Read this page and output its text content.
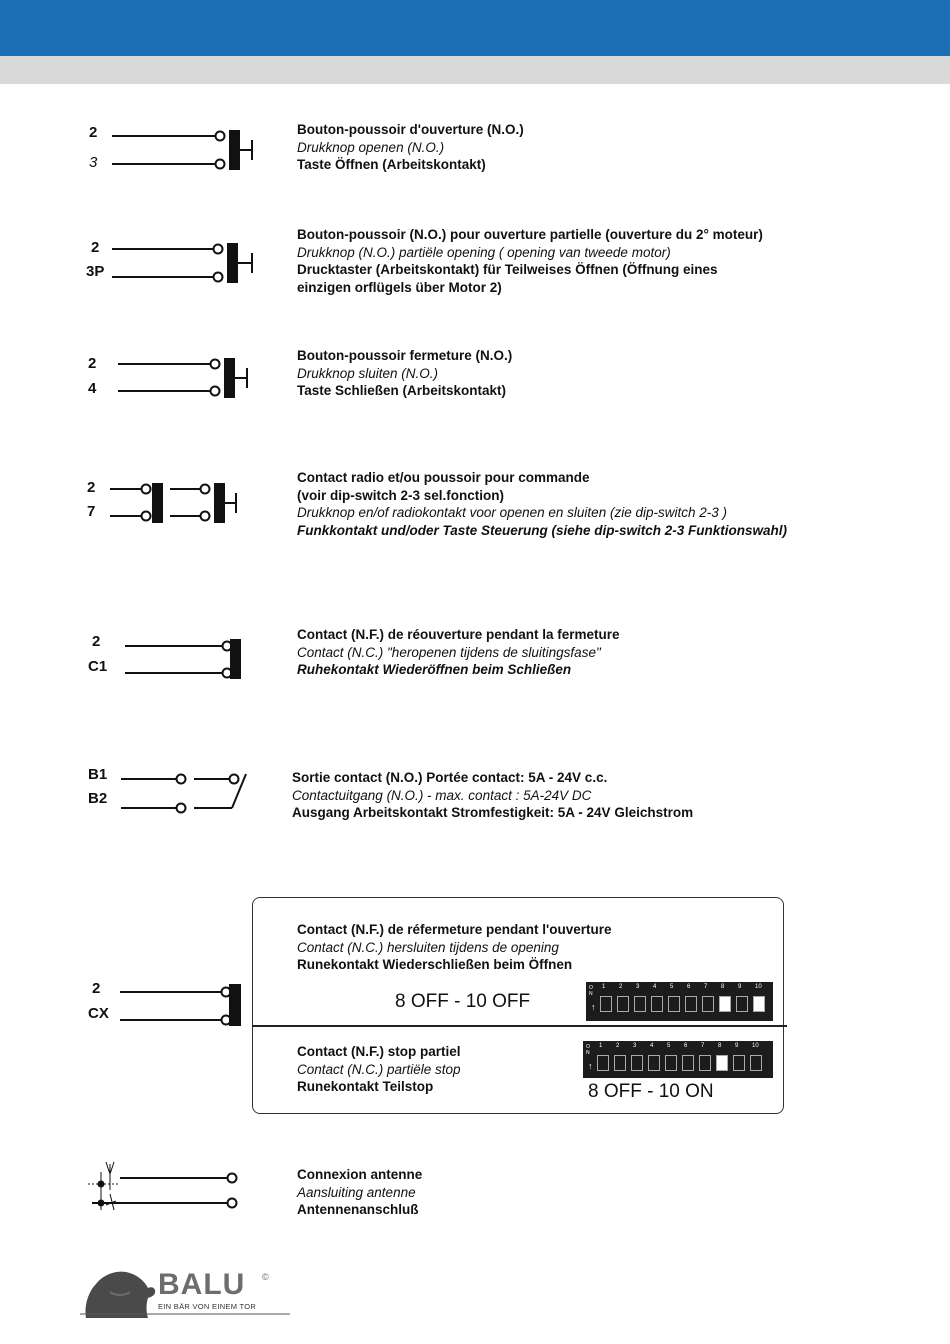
2
3
2
3P
2
4
2
7
2
C1
B1
B2
2
CX
Bouton-poussoir d'ouverture (N.O.)
Drukknop openen (N.O.)
Taste Öffnen (Arbeitskontakt)
Bouton-poussoir (N.O.) pour ouverture partielle (ouverture du 2° moteur)
Drukknop (N.O.) partiële opening ( opening van tweede motor)
Drucktaster (Arbeitskontakt) für Teilweises Öffnen (Öffnung eines
einzigen orflügels über Motor 2)
Bouton-poussoir fermeture (N.O.)
Drukknop sluiten (N.O.)
Taste Schließen (Arbeitskontakt)
Contact radio et/ou poussoir pour commande
(voir dip-switch 2-3 sel.fonction)
Drukknop en/of radiokontakt voor openen en sluiten (zie dip-switch 2-3 )
Funkkontakt und/oder Taste Steuerung (siehe dip-switch 2-3 Funktionswahl)
Contact (N.F.) de réouverture pendant la fermeture
Contact (N.C.) "heropenen tijdens de sluitingsfase"
Ruhekontakt Wiederöffnen beim Schließen
Sortie contact (N.O.) Portée contact: 5A - 24V c.c.
Contactuitgang (N.O.) - max. contact : 5A-24V DC
Ausgang Arbeitskontakt Stromfestigkeit: 5A - 24V Gleichstrom
Contact (N.F.) de réfermeture pendant l'ouverture
Contact (N.C.) hersluiten tijdens de opening
Runekontakt Wiederschließen beim Öffnen
8 OFF - 10 OFF
O
N
↑
1 2 3 4 5 6 7 8 9 10
Contact (N.F.) stop partiel
Contact (N.C.) partiële stop
Runekontakt Teilstop
O
N
↑
1 2 3 4 5 6 7 8 9 10
8 OFF - 10 ON
Connexion antenne
Aansluiting antenne
Antennenanschluß
BALU ©
EIN BÄR VON EINEM TOR
